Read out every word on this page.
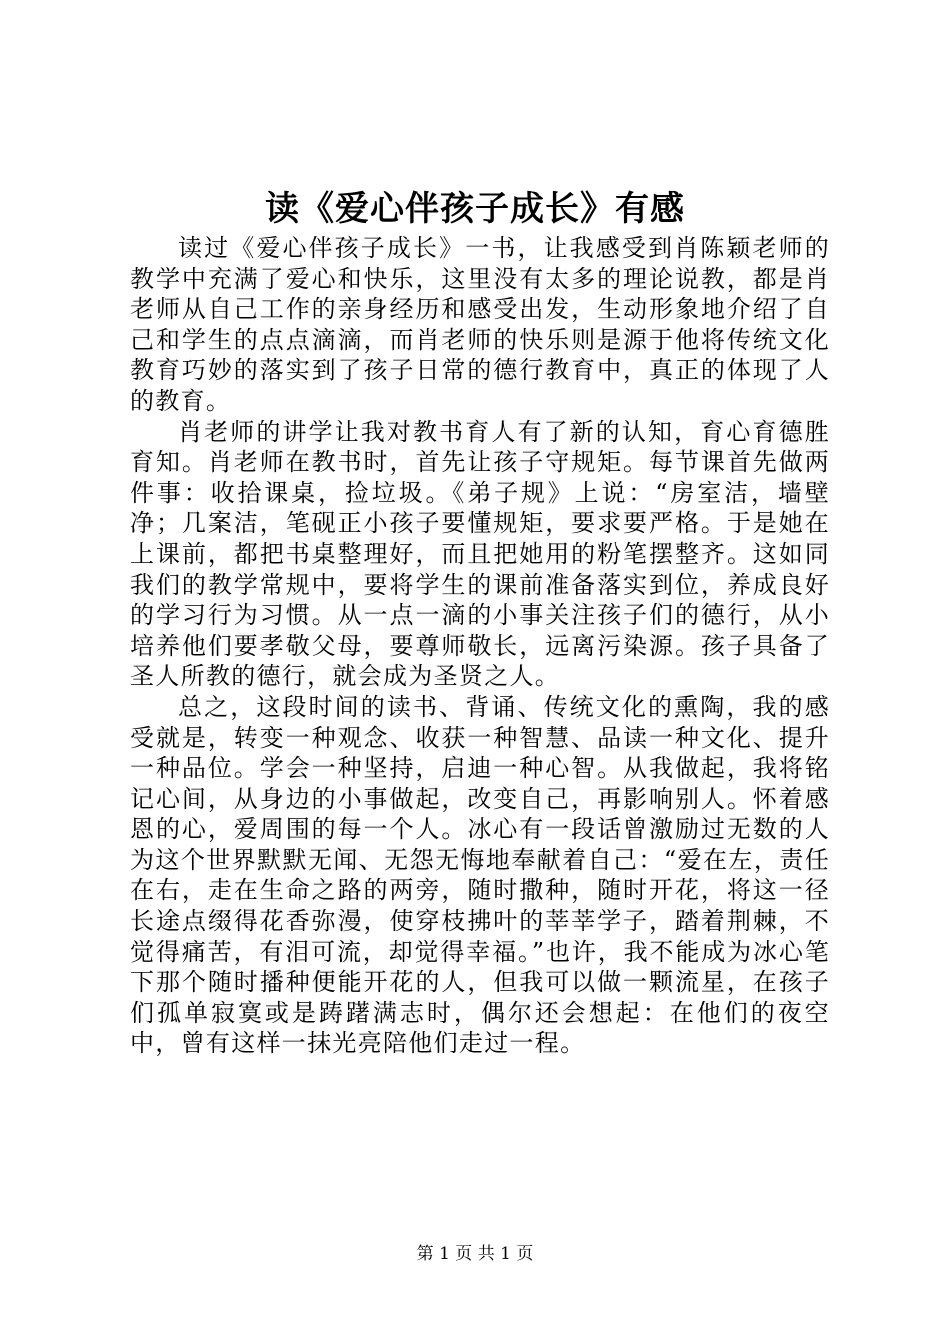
读《爱心伴孩子成长》有感

读过《爱心伴孩子成长》一书，让我感受到肖陈颖老师的教学中充满了爱心和快乐，这里没有太多的理论说教，都是肖老师从自己工作的亲身经历和感受出发，生动形象地介绍了自己和学生的点点滴滴，而肖老师的快乐则是源于他将传统文化教育巧妙的落实到了孩子日常的德行教育中，真正的体现了人的教育。

肖老师的讲学让我对教书育人有了新的认知，育心育德胜育知。肖老师在教书时，首先让孩子守规矩。每节课首先做两件事：收拾课桌，捡垃圾。《弟子规》上说：“房室洁，墙壁净；几案洁，笔砚正小孩子要懂规矩，要求要严格。于是她在上课前，都把书桌整理好，而且把她用的粉笔摆整齐。这如同我们的教学常规中，要将学生的课前准备落实到位，养成良好的学习行为习惯。从一点一滴的小事关注孩子们的德行，从小培养他们要孝敬父母，要尊师敬长，远离污染源。孩子具备了圣人所教的德行，就会成为圣贤之人。

总之，这段时间的读书、背诵、传统文化的熏陶，我的感受就是，转变一种观念、收获一种智慧、品读一种文化、提升一种品位。学会一种坚持，启迪一种心智。从我做起，我将铭记心间，从身边的小事做起，改变自己，再影响别人。怀着感恩的心，爱周围的每一个人。冰心有一段话曾激励过无数的人为这个世界默默无闻、无怨无悔地奉献着自己：“爱在左，责任在右，走在生命之路的两旁，随时撒种，随时开花，将这一径长途点缀得花香弥漫，使穿枝拂叶的莘莘学子，踏着荆棘，不觉得痛苦，有泪可流，却觉得幸福。”也许，我不能成为冰心笔下那个随时播种便能开花的人，但我可以做一颗流星，在孩子们孤单寂寞或是踌躇满志时，偶尔还会想起：在他们的夜空中，曾有这样一抹光亮陪他们走过一程。

第 1 页 共 1 页
